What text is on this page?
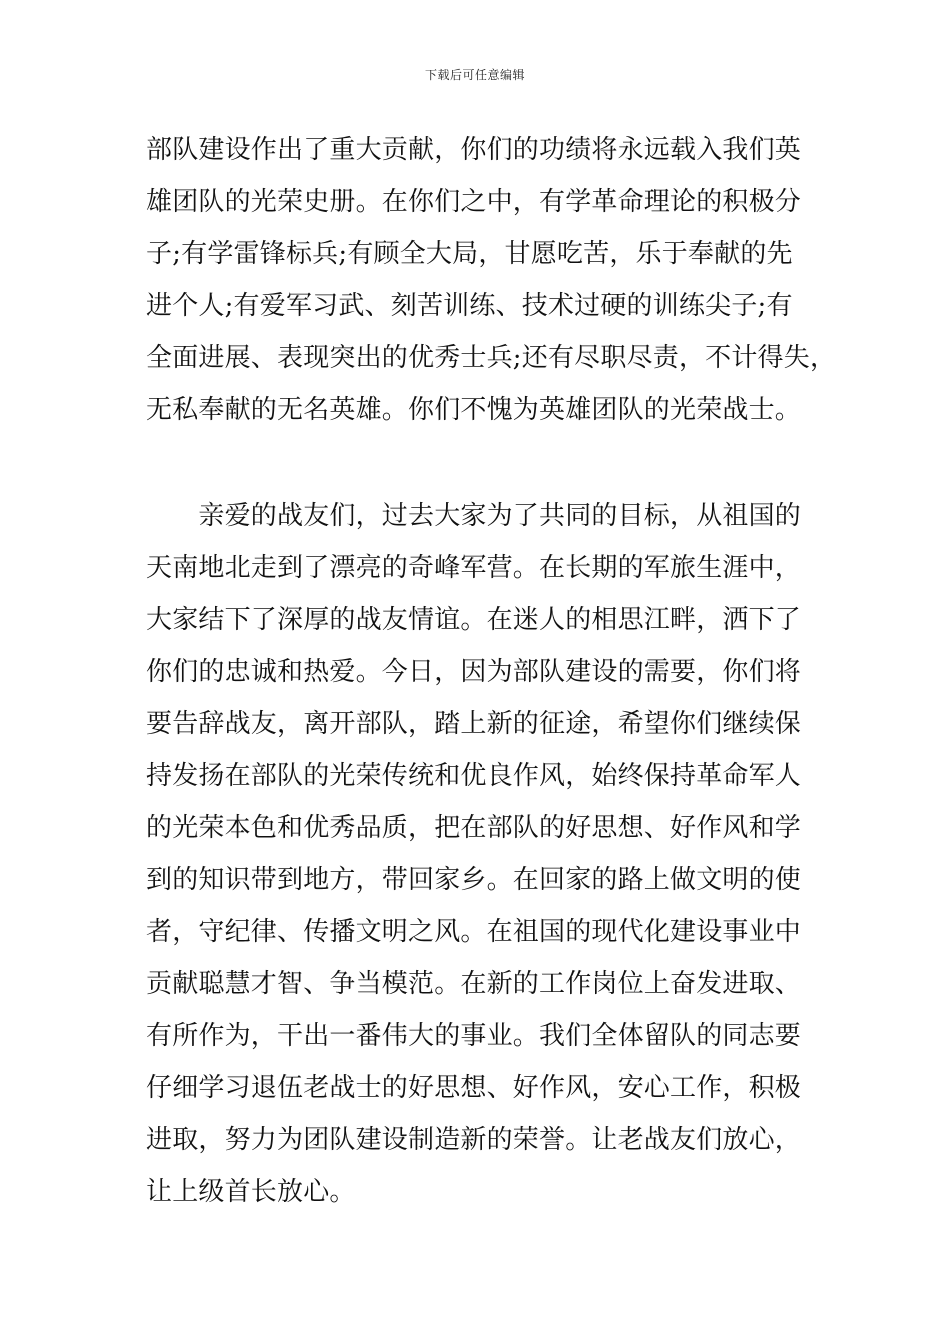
下载后可任意编辑
部队建设作出了重大贡献，你们的功绩将永远载入我们英
雄团队的光荣史册。在你们之中，有学革命理论的积极分
子;有学雷锋标兵;有顾全大局，甘愿吃苦，乐于奉献的先
进个人;有爱军习武、刻苦训练、技术过硬的训练尖子;有
全面进展、表现突出的优秀士兵;还有尽职尽责，不计得失，
无私奉献的无名英雄。你们不愧为英雄团队的光荣战士。
　　亲爱的战友们，过去大家为了共同的目标，从祖国的
天南地北走到了漂亮的奇峰军营。在长期的军旅生涯中，
大家结下了深厚的战友情谊。在迷人的相思江畔，洒下了
你们的忠诚和热爱。今日，因为部队建设的需要，你们将
要告辞战友，离开部队，踏上新的征途，希望你们继续保
持发扬在部队的光荣传统和优良作风，始终保持革命军人
的光荣本色和优秀品质，把在部队的好思想、好作风和学
到的知识带到地方，带回家乡。在回家的路上做文明的使
者，守纪律、传播文明之风。在祖国的现代化建设事业中
贡献聪慧才智、争当模范。在新的工作岗位上奋发进取、
有所作为，干出一番伟大的事业。我们全体留队的同志要
仔细学习退伍老战士的好思想、好作风，安心工作，积极
进取，努力为团队建设制造新的荣誉。让老战友们放心，
让上级首长放心。
